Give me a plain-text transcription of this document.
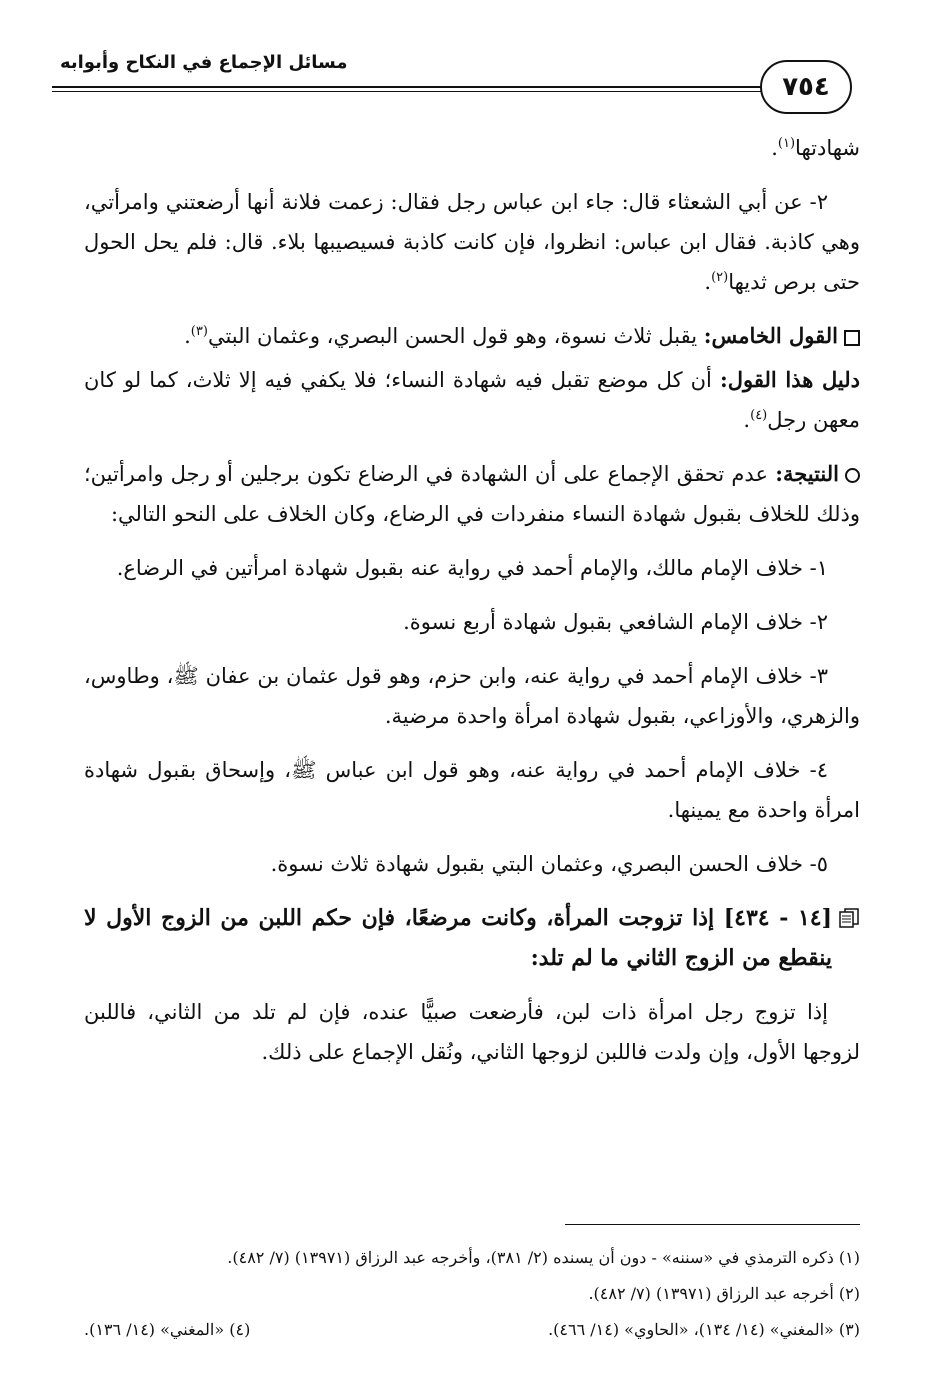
مسائل الإجماع في النكاح وأبوابه
٧٥٤

شهادتها$^{(١)}$.

٢- عن أبي الشعثاء قال: جاء ابن عباس رجل فقال: زعمت فلانة أنها أرضعتني وامرأتي، وهي كاذبة. فقال ابن عباس: انظروا، فإن كانت كاذبة فسيصيبها بلاء. قال: فلم يحل الحول حتى برص ثديها$^{(٢)}$.

القول الخامس: يقبل ثلاث نسوة، وهو قول الحسن البصري، وعثمان البتي$^{(٣)}$.

دليل هذا القول: أن كل موضع تقبل فيه شهادة النساء؛ فلا يكفي فيه إلا ثلاث، كما لو كان معهن رجل$^{(٤)}$.

النتيجة: عدم تحقق الإجماع على أن الشهادة في الرضاع تكون برجلين أو رجل وامرأتين؛ وذلك للخلاف بقبول شهادة النساء منفردات في الرضاع، وكان الخلاف على النحو التالي:

١- خلاف الإمام مالك، والإمام أحمد في رواية عنه بقبول شهادة امرأتين في الرضاع.

٢- خلاف الإمام الشافعي بقبول شهادة أربع نسوة.

٣- خلاف الإمام أحمد في رواية عنه، وابن حزم، وهو قول عثمان بن عفان ﷺ، وطاوس، والزهري، والأوزاعي، بقبول شهادة امرأة واحدة مرضية.

٤- خلاف الإمام أحمد في رواية عنه، وهو قول ابن عباس ﷺ، وإسحاق بقبول شهادة امرأة واحدة مع يمينها.

٥- خلاف الحسن البصري، وعثمان البتي بقبول شهادة ثلاث نسوة.

[١٤ - ٤٣٤] إذا تزوجت المرأة، وكانت مرضعًا، فإن حكم اللبن من الزوج الأول لا ينقطع من الزوج الثاني ما لم تلد:

إذا تزوج رجل امرأة ذات لبن، فأرضعت صبيًّا عنده، فإن لم تلد من الثاني، فاللبن لزوجها الأول، وإن ولدت فاللبن لزوجها الثاني، ونُقل الإجماع على ذلك.

(١) ذكره الترمذي في «سننه» - دون أن يسنده (٢/ ٣٨١)، وأخرجه عبد الرزاق (١٣٩٧١) (٧/ ٤٨٢).

(٢) أخرجه عبد الرزاق (١٣٩٧١) (٧/ ٤٨٢).

(٣) «المغني» (١٤/ ١٣٤)، «الحاوي» (١٤/ ٤٦٦).

(٤) «المغني» (١٤/ ١٣٦).
